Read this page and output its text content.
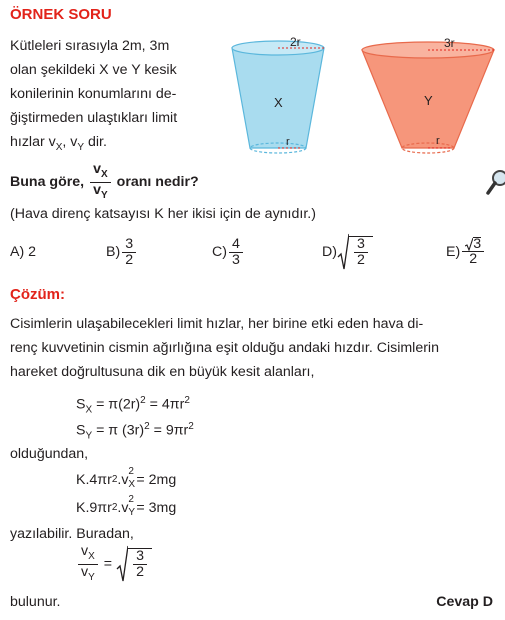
ÖRNEK SORU
Kütleleri sırasıyla 2m, 3m
olan şekildeki X ve Y kesik
konilerinin konumlarını de-
ğiştirmeden ulaştıkları limit
hızlar $v_X$, $v_Y$ dir.
Buna göre, $\frac{v_X}{v_Y}$ oranı nedir?
(Hava direnç katsayısı K her ikisi için de aynıdır.)
2r
X
r
3r
Y
r
A)
2	$B) \frac{3}{2}$	$C) \frac{4}{3}$	$D) \frac{3}{2}$	$E) \frac{3}{2}$
Çözüm:
Cisimlerin ulaşabilecekleri limit hızlar, her birine etki eden hava di-
renç kuvvetinin cismin ağırlığına eşit olduğu andaki hızdır. Cisimlerin
hareket doğrultusuna dik en büyük kesit alanları,
$S_X = \pi(2r)^2 = 4\pi r^2$
$S_Y = \pi$ $(3r)^2 = 9\pi r^2$
olduğundan,
K.4πr 2 .v
2
X = 2mg
K.9πr 2 .v
2
Y = 3mg
yazılabilir. Buradan,
$\frac{v_X}{v_Y} = \frac{3}{2}$
bulunur.	Cevap D
